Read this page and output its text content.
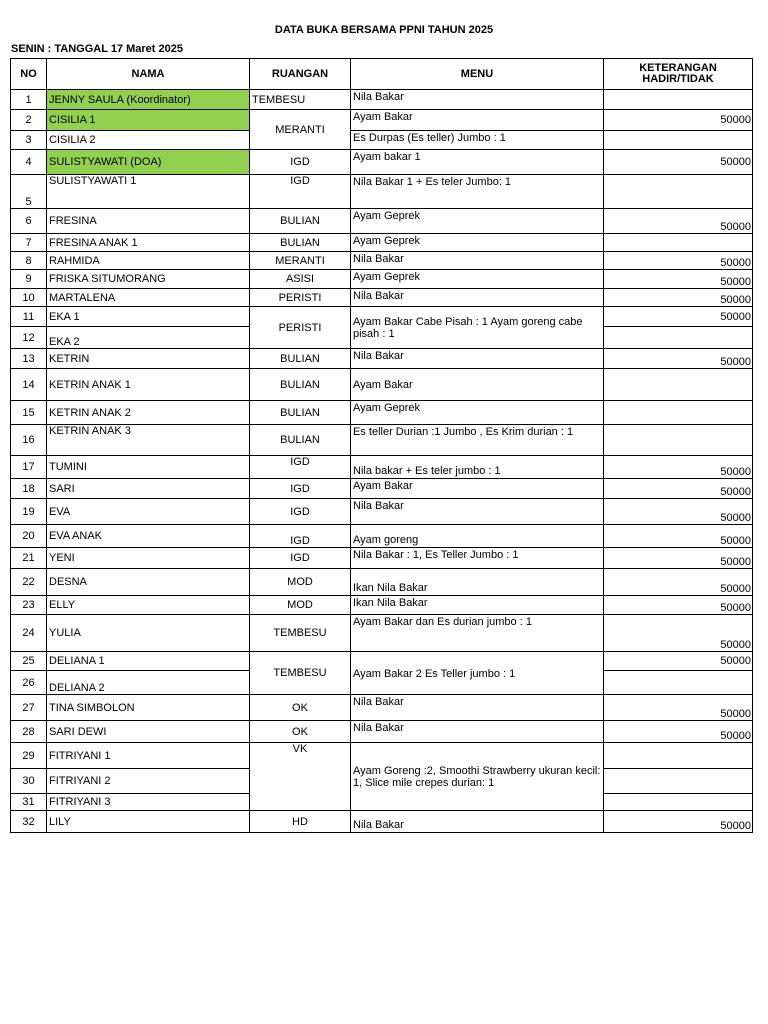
DATA BUKA BERSAMA PPNI TAHUN 2025
SENIN : TANGGAL 17 Maret 2025
NO	NAMA	RUANGAN	MENU	KETERANGAN
HADIR/TIDAK
1	JENNY SAULA (Koordinator)	TEMBESU	Nila Bakar	
2	CISILIA 1	MERANTI	Ayam Bakar	50000
3	CISILIA 2		Es Durpas (Es teller) Jumbo : 1	
4	SULISTYAWATI (DOA)	IGD	Ayam bakar 1	50000
5	SULISTYAWATI 1	IGD	Nila Bakar 1 + Es teler Jumbo: 1	
6	FRESINA	BULIAN	Ayam Geprek	50000
7	FRESINA ANAK 1	BULIAN	Ayam Geprek	
8	RAHMIDA	MERANTI	Nila Bakar	50000
9	FRISKA SITUMORANG	ASISI	Ayam Geprek	50000
10	MARTALENA	PERISTI	Nila Bakar	50000
11	EKA 1	PERISTI	Ayam Bakar Cabe Pisah : 1 Ayam goreng cabe pisah : 1	50000
12	EKA 2			
13	KETRIN	BULIAN	Nila Bakar	50000
14	KETRIN ANAK 1	BULIAN	Ayam Bakar	
15	KETRIN ANAK 2	BULIAN	Ayam Geprek	
16	KETRIN ANAK 3	BULIAN	Es teller Durian :1 Jumbo , Es Krim durian : 1	
17	TUMINI	IGD	Nila bakar + Es teler jumbo : 1	50000
18	SARI	IGD	Ayam Bakar	50000
19	EVA	IGD	Nila Bakar	50000
20	EVA ANAK	IGD	Ayam goreng	50000
21	YENI	IGD	Nila Bakar : 1, Es Teller Jumbo : 1	50000
22	DESNA	MOD	Ikan Nila Bakar	50000
23	ELLY	MOD	Ikan Nila Bakar	50000
24	YULIA	TEMBESU	Ayam Bakar dan Es durian jumbo : 1	50000
25	DELIANA 1	TEMBESU	Ayam Bakar 2 Es Teller jumbo : 1	50000
26	DELIANA 2			
27	TINA SIMBOLON	OK	Nila Bakar	50000
28	SARI DEWI	OK	Nila Bakar	50000
29	FITRIYANI 1	VK	Ayam Goreng :2, Smoothi Strawberry ukuran kecil: 1, Slice mile crepes durian: 1	
30	FITRIYANI 2			
31	FITRIYANI 3			
32	LILY	HD	Nila Bakar	50000
